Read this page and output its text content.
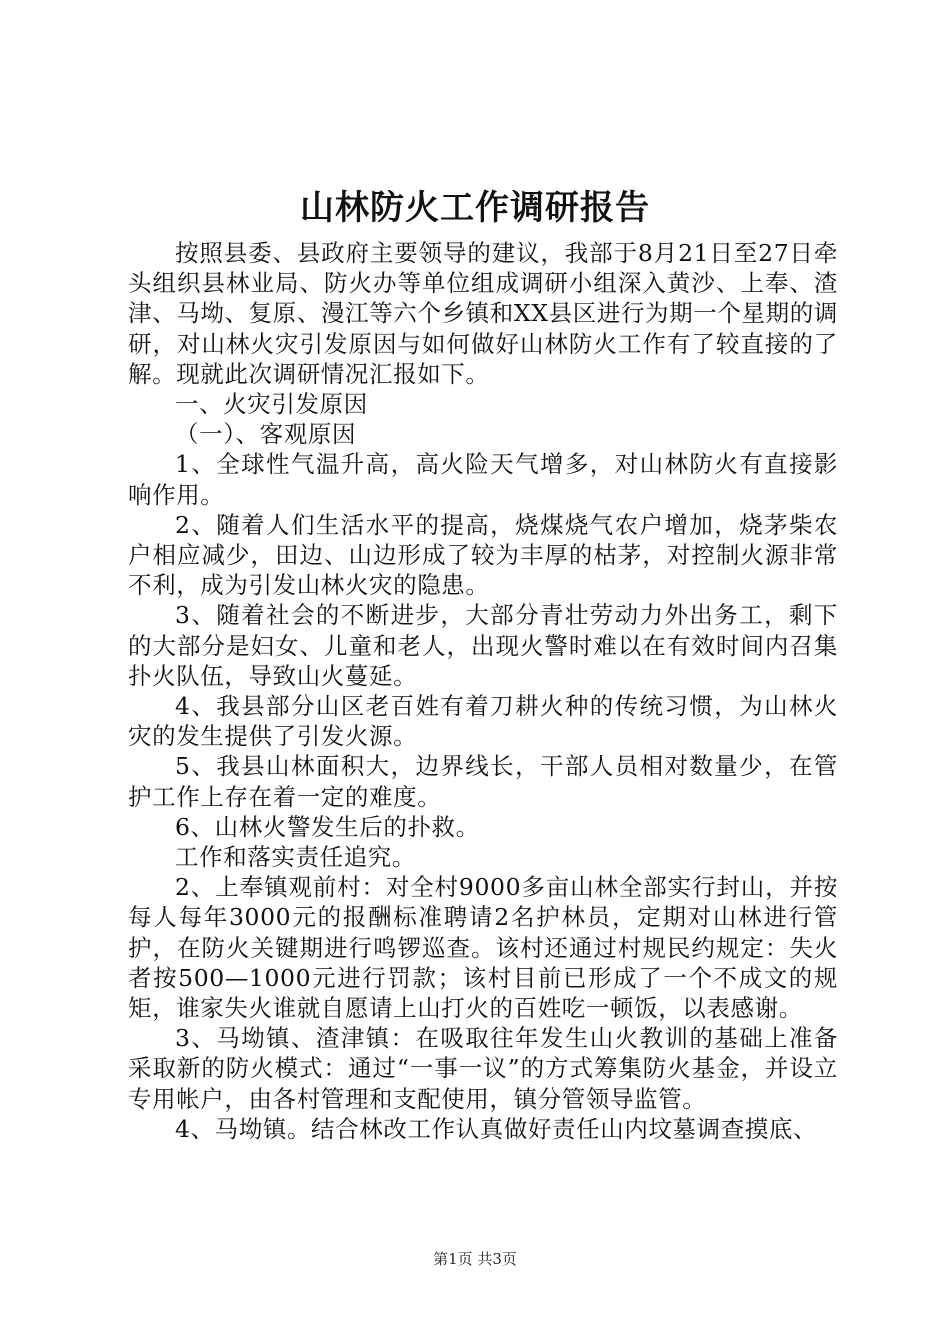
山林防火工作调研报告

按照县委、县政府主要领导的建议，我部于8月21日至27日牵头组织县林业局、防火办等单位组成调研小组深入黄沙、上奉、渣津、马坳、复原、漫江等六个乡镇和XX县区进行为期一个星期的调研，对山林火灾引发原因与如何做好山林防火工作有了较直接的了解。现就此次调研情况汇报如下。

一、火灾引发原因

（一）、客观原因

1、全球性气温升高，高火险天气增多，对山林防火有直接影响作用。

2、随着人们生活水平的提高，烧煤烧气农户增加，烧茅柴农户相应减少，田边、山边形成了较为丰厚的枯茅，对控制火源非常不利，成为引发山林火灾的隐患。

3、随着社会的不断进步，大部分青壮劳动力外出务工，剩下的大部分是妇女、儿童和老人，出现火警时难以在有效时间内召集扑火队伍，导致山火蔓延。

4、我县部分山区老百姓有着刀耕火种的传统习惯，为山林火灾的发生提供了引发火源。

5、我县山林面积大，边界线长，干部人员相对数量少，在管护工作上存在着一定的难度。

6、山林火警发生后的扑救。

工作和落实责任追究。

2、上奉镇观前村：对全村9000多亩山林全部实行封山，并按每人每年3000元的报酬标准聘请2名护林员，定期对山林进行管护，在防火关键期进行鸣锣巡查。该村还通过村规民约规定：失火者按500—1000元进行罚款；该村目前已形成了一个不成文的规矩，谁家失火谁就自愿请上山打火的百姓吃一顿饭，以表感谢。

3、马坳镇、渣津镇：在吸取往年发生山火教训的基础上准备采取新的防火模式：通过“一事一议”的方式筹集防火基金，并设立专用帐户，由各村管理和支配使用，镇分管领导监管。

4、马坳镇。结合林改工作认真做好责任山内坟墓调查摸底、

第1页 共3页
